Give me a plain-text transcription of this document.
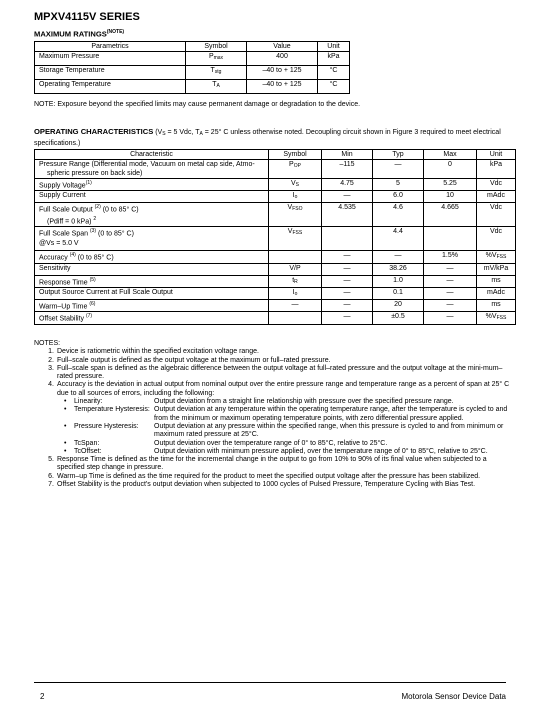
MPXV4115V SERIES
MAXIMUM $RATINGS^{(NOTE)}$
Parametrics	Symbol	Value	Unit
Maximum Pressure	$P_{max}$	400	kPa
Storage Temperature	$T_{stg}$	–40 to + 125	°C
Operating Temperature	$T_A$	–40 to + 125	°C
NOTE: Exposure beyond the specified limits may cause permanent damage or degradation to the device.
OPERATING CHARACTERISTICS ($V_S = 5$ Vdc, $T_A = 25^\circ$ C unless otherwise noted. Decoupling circuit shown in Figure 3 required to meet electrical specifications.)
Characteristic	Symbol	Min	Typ	Max	Unit

Pressure Range (Differential mode, Vacuum on metal cap side, Atmo-
spheric pressure on back side)	$P_{OP}$	–115	—	0	kPa
Supply Voltage$^{(1)}$	$V_S$	4.75	5	5.25	Vdc
Supply Current	$I_o$	—	6.0	10	mAdc

Full Scale Output $^{(2)}$ (0 to 85° C)
(Pdiff = 0 kPa) $^2$	$V_{FSO}$	4.535	4.6	4.665	Vdc

Full Scale Span $^{(3)}$ (0 to 85° C)
@Vs = 5.0 V	$V_{FSS}$		4.4		Vdc
Accuracy $^{(4)}$ (0 to 85° C)		—	—	1.5%	$\%V_{FSS}$
Sensitivity	V/P	—	38.26	—	mV/kPa
Response Time $^{(5)}$	$t_R$	—	1.0	—	ms
Output Source Current at Full Scale Output	$I_o$	—	0.1	—	mAdc
Warm–Up Time $^{(6)}$	—	—	20	—	ms
Offset Stability $^{(7)}$		—	±0.5	—	$\%V_{FSS}$
NOTES:
1. Device is ratiometric within the specified excitation voltage range.
2. Full–scale output is defined as the output voltage at the maximum or full–rated pressure.
3. Full–scale span is defined as the algebraic difference between the output voltage at full–rated pressure and the output voltage at the mini-mum–rated pressure.
4. Accuracy is the deviation in actual output from nominal output over the entire pressure range and temperature range as a percent of span at 25° C due to all sources of errors, including the following:
•	Linearity:	Output deviation from a straight line relationship with pressure over the specified pressure range.
•	Temperature Hysteresis: Output deviation at any temperature within the operating temperature range, after the temperature is cycled to and from the minimum or maximum operating temperature points, with zero differential pressure applied.
•	Pressure Hysteresis:	Output deviation at any pressure within the specified range, when this pressure is cycled to and from minimum or maximum rated pressure at 25°C.
•	TcSpan:	Output deviation over the temperature range of 0° to 85°C, relative to 25°C.
•	TcOffset:	Output deviation with minimum pressure applied, over the temperature range of 0° to 85°C, relative to 25°C.
5. Response Time is defined as the time for the incremental change in the output to go from 10% to 90% of its final value when subjected to a specified step change in pressure.
6. Warm–up Time is defined as the time required for the product to meet the specified output voltage after the pressure has been stabilized.
7. Offset Stability is the product's output deviation when subjected to 1000 cycles of Pulsed Pressure, Temperature Cycling with Bias Test.
2	Motorola Sensor Device Data
